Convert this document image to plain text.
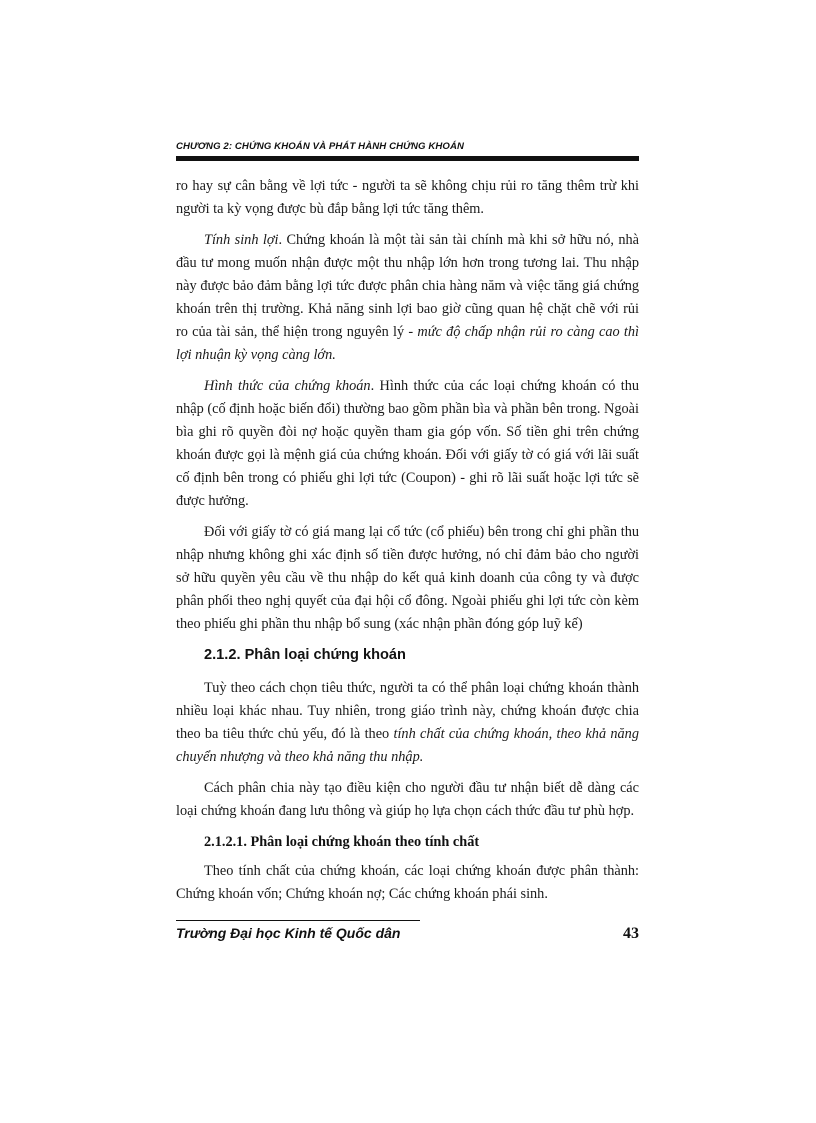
CHƯƠNG 2: CHỨNG KHOÁN VÀ PHÁT HÀNH CHỨNG KHOÁN

ro hay sự cân bằng về lợi tức - người ta sẽ không chịu rủi ro tăng thêm trừ khi người ta kỳ vọng được bù đắp bằng lợi tức tăng thêm.

Tính sinh lợi. Chứng khoán là một tài sản tài chính mà khi sở hữu nó, nhà đầu tư mong muốn nhận được một thu nhập lớn hơn trong tương lai. Thu nhập này được bảo đảm bằng lợi tức được phân chia hàng năm và việc tăng giá chứng khoán trên thị trường. Khả năng sinh lợi bao giờ cũng quan hệ chặt chẽ với rủi ro của tài sản, thể hiện trong nguyên lý - mức độ chấp nhận rủi ro càng cao thì lợi nhuận kỳ vọng càng lớn.

Hình thức của chứng khoán. Hình thức của các loại chứng khoán có thu nhập (cố định hoặc biến đổi) thường bao gồm phần bìa và phần bên trong. Ngoài bìa ghi rõ quyền đòi nợ hoặc quyền tham gia góp vốn. Số tiền ghi trên chứng khoán được gọi là mệnh giá của chứng khoán. Đối với giấy tờ có giá với lãi suất cố định bên trong có phiếu ghi lợi tức (Coupon) - ghi rõ lãi suất hoặc lợi tức sẽ được hưởng.

Đối với giấy tờ có giá mang lại cổ tức (cổ phiếu) bên trong chỉ ghi phần thu nhập nhưng không ghi xác định số tiền được hưởng, nó chỉ đảm bảo cho người sở hữu quyền yêu cầu về thu nhập do kết quả kinh doanh của công ty và được phân phối theo nghị quyết của đại hội cổ đông. Ngoài phiếu ghi lợi tức còn kèm theo phiếu ghi phần thu nhập bổ sung (xác nhận phần đóng góp luỹ kế)

2.1.2. Phân loại chứng khoán

Tuỳ theo cách chọn tiêu thức, người ta có thể phân loại chứng khoán thành nhiều loại khác nhau. Tuy nhiên, trong giáo trình này, chứng khoán được chia theo ba tiêu thức chủ yếu, đó là theo tính chất của chứng khoán, theo khả năng chuyển nhượng và theo khả năng thu nhập.

Cách phân chia này tạo điều kiện cho người đầu tư nhận biết dễ dàng các loại chứng khoán đang lưu thông và giúp họ lựa chọn cách thức đầu tư phù hợp.

2.1.2.1. Phân loại chứng khoán theo tính chất

Theo tính chất của chứng khoán, các loại chứng khoán được phân thành: Chứng khoán vốn; Chứng khoán nợ; Các chứng khoán phái sinh.

Trường Đại học Kinh tế Quốc dân	43
